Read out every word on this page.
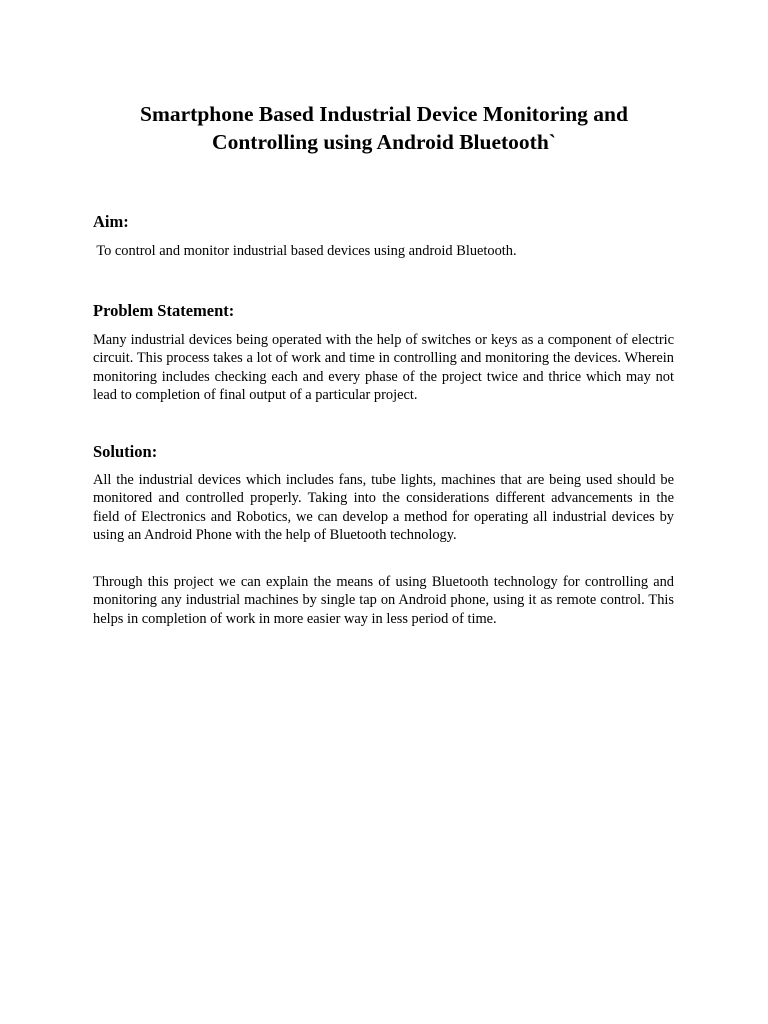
Smartphone Based Industrial Device Monitoring and Controlling using Android Bluetooth`
Aim:

To control and monitor industrial based devices using android Bluetooth.

Problem Statement:

Many industrial devices being operated with the help of switches or keys as a component of electric circuit. This process takes a lot of work and time in controlling and monitoring the devices. Wherein monitoring includes checking each and every phase of the project twice and thrice which may not lead to completion of final output of a particular project.

Solution:

All the industrial devices which includes fans, tube lights, machines that are being used should be monitored and controlled properly. Taking into the considerations different advancements in the field of Electronics and Robotics, we can develop a method for operating all industrial devices by using an Android Phone with the help of Bluetooth technology.

Through this project we can explain the means of using Bluetooth technology for controlling and monitoring any industrial machines by single tap on Android phone, using it as remote control. This helps in completion of work in more easier way in less period of time.
